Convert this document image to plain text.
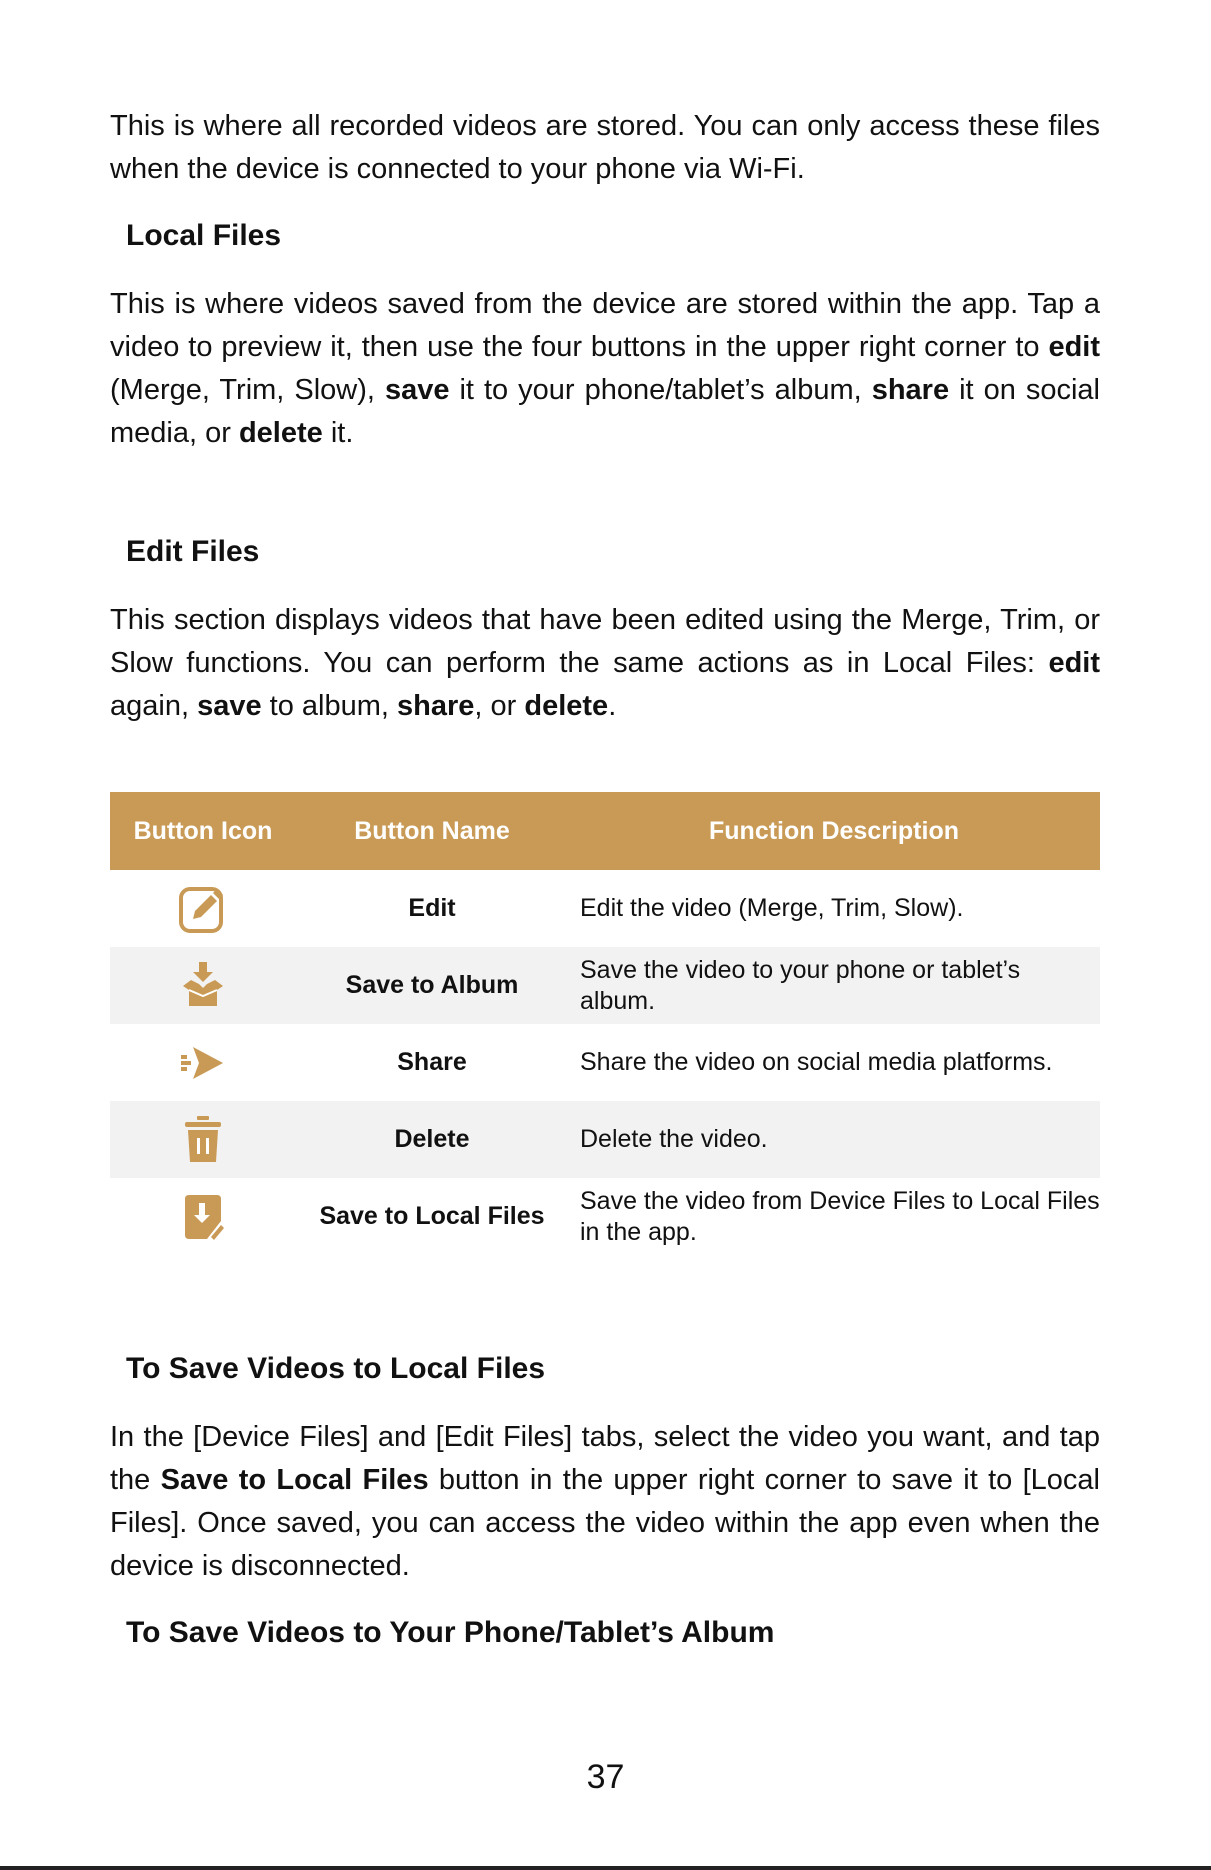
This is where all recorded videos are stored. You can only access these files when the device is connected to your phone via Wi-Fi.

Local Files

This is where videos saved from the device are stored within the app. Tap a video to preview it, then use the four buttons in the upper right corner to edit (Merge, Trim, Slow), save it to your phone/tablet’s album, share it on social media, or delete it.

Edit Files

This section displays videos that have been edited using the Merge, Trim, or Slow functions. You can perform the same actions as in Local Files: edit again, save to album, share, or delete.

Button Icon	Button Name	Function Description
	Edit	Edit the video (Merge, Trim, Slow).
	Save to Album	Save the video to your phone or tablet’s album.
	Share	Share the video on social media platforms.
	Delete	Delete the video.
	Save to Local Files	Save the video from Device Files to Local Files in the app.
To Save Videos to Local Files

In the [Device Files] and [Edit Files] tabs, select the video you want, and tap the Save to Local Files button in the upper right corner to save it to [Local Files]. Once saved, you can access the video within the app even when the device is disconnected.

To Save Videos to Your Phone/Tablet’s Album
37
